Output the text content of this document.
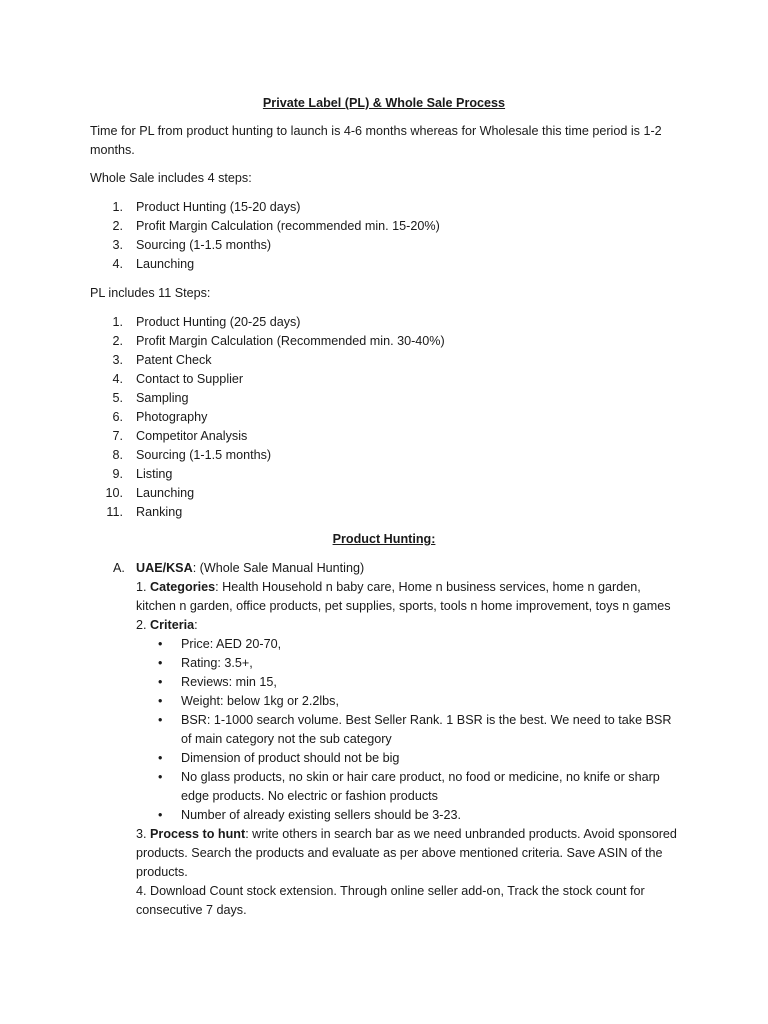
Private Label (PL) & Whole Sale Process
Time for PL from product hunting to launch is 4-6 months whereas for Wholesale this time period is 1-2 months.
Whole Sale includes 4 steps:
1. Product Hunting (15-20 days)
2. Profit Margin Calculation (recommended min. 15-20%)
3. Sourcing (1-1.5 months)
4. Launching
PL includes 11 Steps:
1. Product Hunting (20-25 days)
2. Profit Margin Calculation (Recommended min. 30-40%)
3. Patent Check
4. Contact to Supplier
5. Sampling
6. Photography
7. Competitor Analysis
8. Sourcing (1-1.5 months)
9. Listing
10. Launching
11. Ranking
Product Hunting:
A. UAE/KSA: (Whole Sale Manual Hunting)
1. Categories: Health Household n baby care, Home n business services, home n garden, kitchen n garden, office products, pet supplies, sports, tools n home improvement, toys n games
2. Criteria:
• Price: AED 20-70,
• Rating: 3.5+,
• Reviews: min 15,
• Weight: below 1kg or 2.2lbs,
• BSR: 1-1000 search volume. Best Seller Rank. 1 BSR is the best. We need to take BSR of main category not the sub category
• Dimension of product should not be big
• No glass products, no skin or hair care product, no food or medicine, no knife or sharp edge products. No electric or fashion products
• Number of already existing sellers should be 3-23.
3. Process to hunt: write others in search bar as we need unbranded products. Avoid sponsored products. Search the products and evaluate as per above mentioned criteria. Save ASIN of the products.
4. Download Count stock extension. Through online seller add-on, Track the stock count for consecutive 7 days.
